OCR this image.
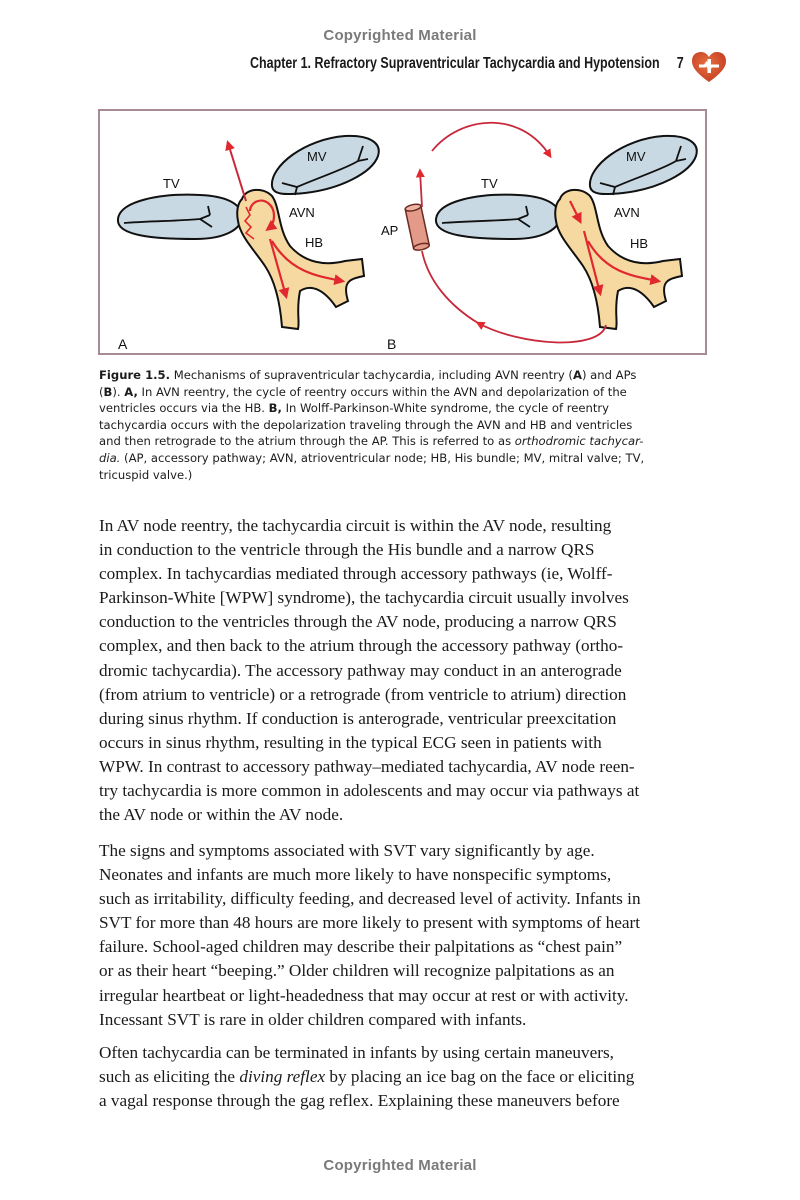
Copyrighted Material
Chapter 1. Refractory Supraventricular Tachycardia and Hypotension 7
TV
MV
AVN
HB
A
TV
MV
AVN
HB
AP
B
Figure 1.5. Mechanisms of supraventricular tachycardia, including AVN reentry (A) and APs
(B). A, In AVN reentry, the cycle of reentry occurs within the AVN and depolarization of the
ventricles occurs via the HB. B, In Wolff-Parkinson-White syndrome, the cycle of reentry
tachycardia occurs with the depolarization traveling through the AVN and HB and ventricles
and then retrograde to the atrium through the AP. This is referred to as orthodromic tachycar-
dia. (AP, accessory pathway; AVN, atrioventricular node; HB, His bundle; MV, mitral valve; TV,
tricuspid valve.)
In AV node reentry, the tachycardia circuit is within the AV node, resulting
in conduction to the ventricle through the His bundle and a narrow QRS
complex. In tachycardias mediated through accessory pathways (ie, Wolff-
Parkinson-White [WPW] syndrome), the tachycardia circuit usually involves
conduction to the ventricles through the AV node, producing a narrow QRS
complex, and then back to the atrium through the accessory pathway (ortho-
dromic tachycardia). The accessory pathway may conduct in an anterograde
(from atrium to ventricle) or a retrograde (from ventricle to atrium) direction
during sinus rhythm. If conduction is anterograde, ventricular preexcitation
occurs in sinus rhythm, resulting in the typical ECG seen in patients with
WPW. In contrast to accessory pathway–mediated tachycardia, AV node reen-
try tachycardia is more common in adolescents and may occur via pathways at
the AV node or within the AV node.
The signs and symptoms associated with SVT vary significantly by age.
Neonates and infants are much more likely to have nonspecific symptoms,
such as irritability, difficulty feeding, and decreased level of activity. Infants in
SVT for more than 48 hours are more likely to present with symptoms of heart
failure. School-aged children may describe their palpitations as “chest pain”
or as their heart “beeping.” Older children will recognize palpitations as an
irregular heartbeat or light-headedness that may occur at rest or with activity.
Incessant SVT is rare in older children compared with infants.
Often tachycardia can be terminated in infants by using certain maneuvers,
such as eliciting the diving reflex by placing an ice bag on the face or eliciting
a vagal response through the gag reflex. Explaining these maneuvers before
Copyrighted Material
